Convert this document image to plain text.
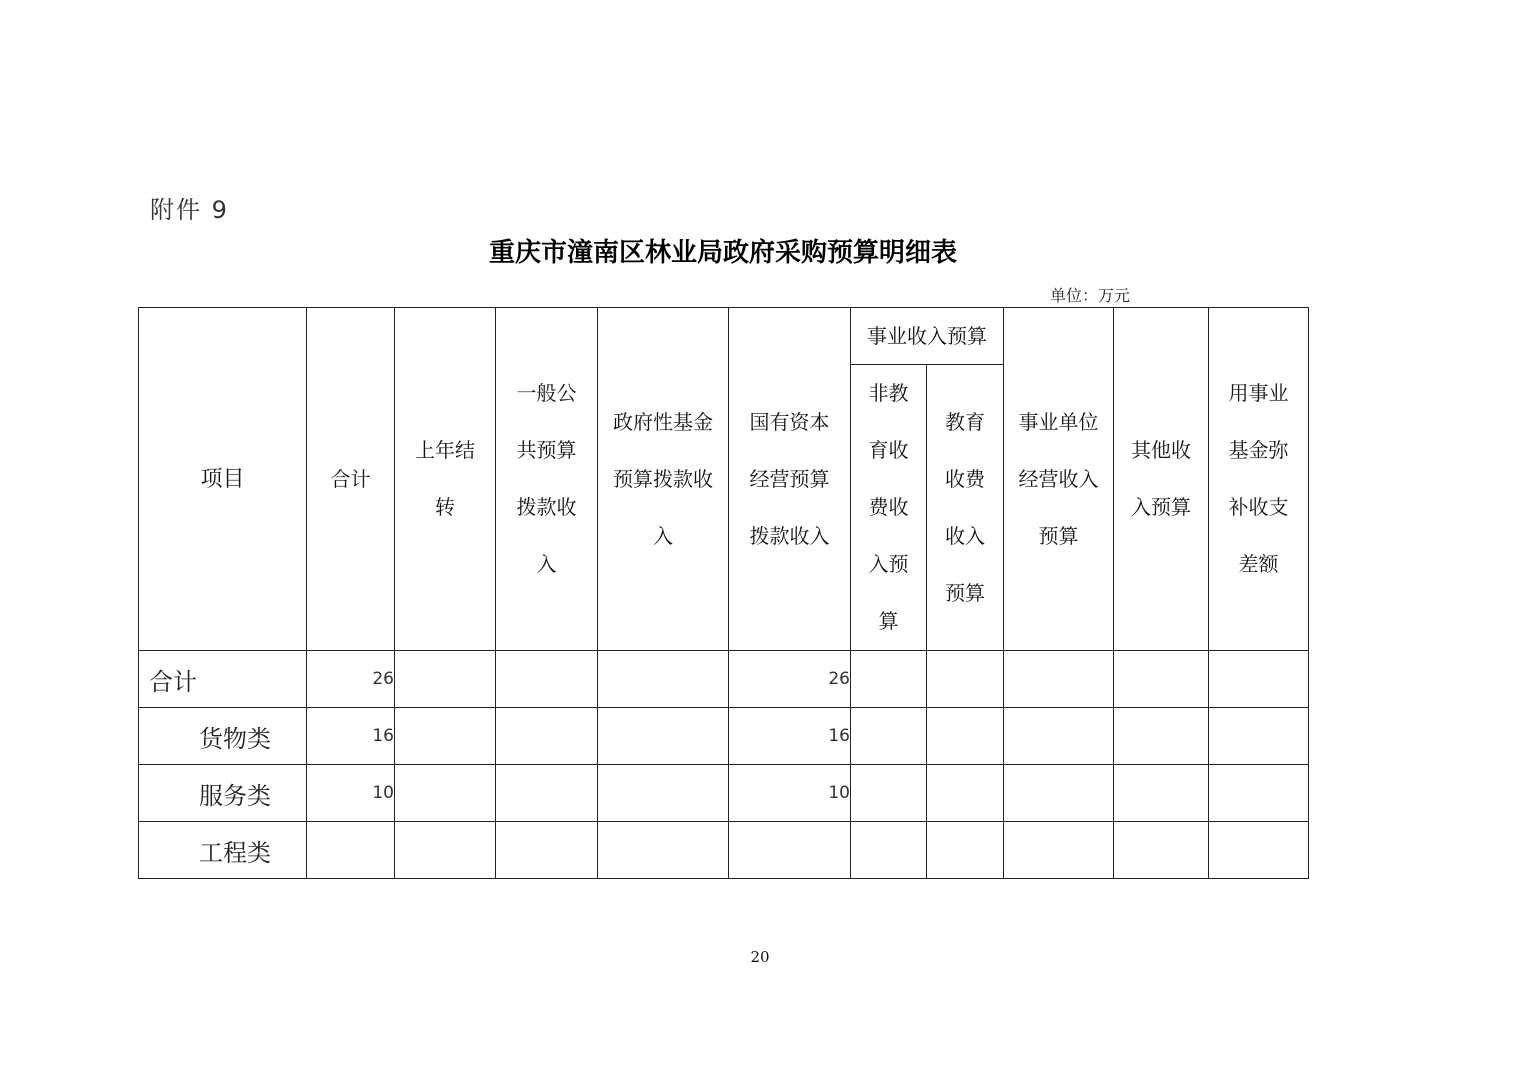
附件 9
重庆市潼南区林业局政府采购预算明细表
单位：万元
项目	合计	上年结转	一般公共预算拨款收入	政府性基金预算拨款收入	国有资本经营预算拨款收入	事业收入预算		事业单位经营收入预算	其他收入预算	用事业基金弥补收支差额
						非教育收费收入预算	教育收费收入预算			
合计	26				26					
货物类	16				16					
服务类	10				10					
工程类										
20
